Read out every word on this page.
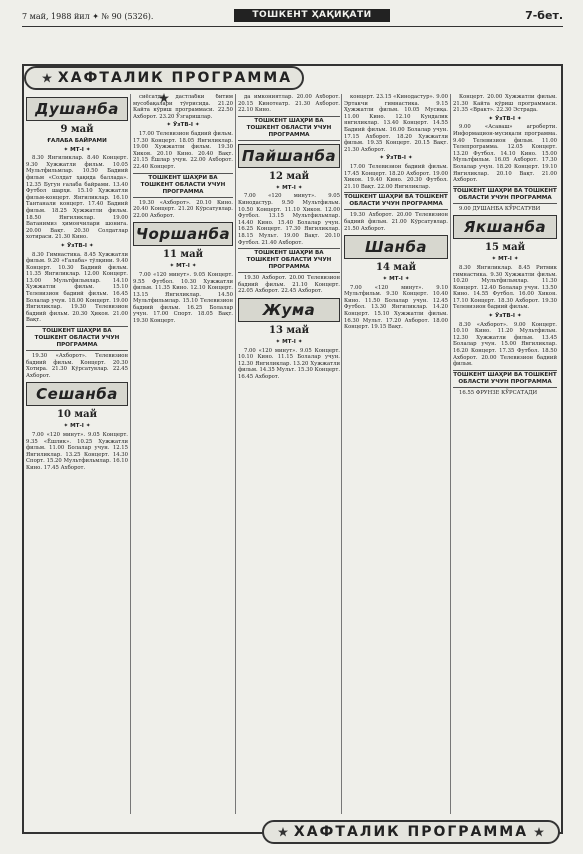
7 май, 1988 йил ✦ № 90 (5326).	ТОШКЕНТ ҲАҚИҚАТИ	7-бет.
ХАФТАЛИК ПРОГРАММА
Душанба
9 май
ҒАЛАБА БАЙРАМИ
✦ МТ-I ✦

8.30 Янгиликлар. 8.40 Концерт. 9.30 Хужжатли фильм. 10.05 Мультфильмлар. 10.50 Бадиий фильм «Солдат ҳақида баллада». 12.35 Бугун ғалаба байрами. 13.40 Футбол шарҳи. 15.10 Ҳужжатли фильм-концерт. Янгиликлар. 16.10 Тантанали концерт. 17.40 Бадиий фильм. 18.25 Хужжатли фильм. 18.50 Янгиликлар. 19.00 Ватанимиз ҳимоячилари шонига. 20.00 Вақт. 20.30 Солдатлар хотираси. 21.30 Кино.

✦ ЎзТВ-I ✦

8.30 Гимнастика. 8.45 Хужжатли фильм. 9.20 «Ғалаба» тўлқини. 9.40 Концерт. 10.30 Бадиий фильм. 11.35 Янгиликлар. 12.00 Концерт. 13.00 Мультфильмлар. 14.10 Хужжатли фильм. 15.10 Телевизион бадиий фильм. 16.45 Болалар учун. 18.00 Концерт. 19.00 Янгиликлар. 19.30 Телевизион бадиий фильм. 20.30 Ҳикоя. 21.00 Вақт.

ТОШКЕНТ ШАҲРИ ВА ТОШКЕНТ ОБЛАСТИ УЧУН ПРОГРАММА

19.30 «Ахборот». Телевизион бадиий фильм. Концерт. 20.30 Хотира. 21.30 Кўрсатувлар. 22.45 Ахборот.

Сешанба
10 май
✦ МТ-I ✦

7.00 «120 минут». 9.05 Концерт. 9.35 «Ёшлик». 10.25 Хужжатли фильм. 11.00 Болалар учун. 12.15 Янгиликлар. 13.25 Концерт. 14.30 Спорт. 15.20 Мультфильмлар. 16.10 Кино. 17.45 Ахборот.

сиёсатда дастлабки битим мусобақалари тўғрисида. 21.20 Кайта кўриш программаси. 22.50 Ахборот. 23.20 Ўзгаришлар.

✦ ЎзТВ-I ✦

17.00 Телевизион бадиий фильм. 17.30 Концерт. 18.05 Янгиликлар. 19.00 Хужжатли фильм. 19.30 Хикоя. 20.10 Кино. 20.40 Вақт. 21.15 Ёшлар учун. 22.00 Ахборот. 22.40 Концерт.

ТОШКЕНТ ШАҲРИ ВА ТОШКЕНТ ОБЛАСТИ УЧУН ПРОГРАММА

19.30 «Ахборот». 20.10 Кино. 20.40 Концерт. 21.20 Кўрсатувлар. 22.00 Ахборот.

Чоршанба
11 май
✦ МТ-I ✦

7.00 «120 минут». 9.05 Концерт. 9.55 Футбол. 10.30 Хужжатли фильм. 11.35 Кино. 12.10 Концерт. 13.15 Янгиликлар. 14.50 Мультфильмлар. 15.10 Телевизион бадиий фильм. 16.25 Болалар учун. 17.00 Спорт. 18.05 Вақт. 19.30 Концерт.

да имкониятлар. 20.00 Ахборот. 20.15 Кинотеатр. 21.30 Ахборот. 22.10 Кино.

ТОШКЕНТ ШАҲРИ ВА ТОШКЕНТ ОБЛАСТИ УЧУН ПРОГРАММА
Пайшанба
12 май
✦ МТ-I ✦

7.00 «120 минут». 9.05 Кинодастур. 9.50 Мультфильм. 10.50 Концерт. 11.10 Хикоя. 12.00 Футбол. 13.15 Мультфильмлар. 14.40 Кино. 15.40 Болалар учун. 16.25 Концерт. 17.30 Янгиликлар. 18.15 Мульт. 19.00 Вақт. 20.10 Футбол. 21.40 Ахборот.

ТОШКЕНТ ШАҲРИ ВА ТОШКЕНТ ОБЛАСТИ УЧУН ПРОГРАММА

19.30 Ахборот. 20.00 Телевизион бадиий фильм. 21.10 Концерт. 22.05 Ахборот. 22.45 Ахборот.

Жума
13 май
✦ МТ-I ✦

7.00 «120 минут». 9.05 Концерт. 10.10 Кино. 11.15 Болалар учун. 12.30 Янгиликлар. 13.20 Хужжатли фильм. 14.35 Мульт. 15.30 Концерт. 16.45 Ахборот.

концерт. 23.15 «Кинодастур». 9.00 Эртакчи гимнастика. 9.15 Ҳужжатли фильм. 10.05 Мусиқа. 11.00 Кино. 12.10 Кундалик янгиликлар. 13.40 Концерт. 14.55 Бадиий фильм. 16.00 Болалар учун. 17.15 Ахборот. 18.20 Хужжатли фильм. 19.35 Концерт. 20.15 Вақт. 21.30 Ахборот.

✦ ЎзТВ-I ✦

17.00 Телевизион бадиий фильм. 17.45 Концерт. 18.20 Ахборот. 19.00 Хикоя. 19.40 Кино. 20.30 Футбол. 21.10 Вақт. 22.00 Янгиликлар.

ТОШКЕНТ ШАҲРИ ВА ТОШКЕНТ ОБЛАСТИ УЧУН ПРОГРАММА

19.30 Ахборот. 20.00 Телевизион бадиий фильм. 21.00 Кўрсатувлар. 21.50 Ахборот.

Шанба
14 май
✦ МТ-I ✦

7.00 «120 минут». 9.10 Мультфильм. 9.30 Концерт. 10.40 Кино. 11.50 Болалар учун. 12.45 Футбол. 13.30 Янгиликлар. 14.20 Концерт. 15.10 Хужжатли фильм. 16.30 Мульт. 17.20 Ахборот. 18.00 Концерт. 19.15 Вақт.

Концерт. 20.00 Хужжатли фильм. 21.30 Кайта кўриш программаси. 21.35 «Вракт». 22.30 Эстрада.

✦ ЎзТВ-I ✦

9.00 «Асаваш» агроберти. Информацион-мусиқали программа. 9.40 Телевизион фильм. 11.00 Телепрограмма. 12.05 Концерт. 13.20 Футбол. 14.10 Кино. 15.00 Мультфильм. 16.05 Ахборот. 17.30 Болалар учун. 18.20 Концерт. 19.10 Янгиликлар. 20.10 Вақт. 21.00 Ахборот.

ТОШКЕНТ ШАҲРИ ВА ТОШКЕНТ ОБЛАСТИ УЧУН ПРОГРАММА

9.00 ДУШАНБА КЎРСАТУВИ

Якшанба
15 май
✦ МТ-I ✦

8.30 Янгиликлар. 8.45 Ритмик гимнастика. 9.30 Хужжатли фильм. 10.20 Мультфильмлар. 11.30 Концерт. 12.40 Болалар учун. 13.50 Кино. 14.55 Футбол. 16.00 Хикоя. 17.10 Концерт. 18.30 Ахборот. 19.30 Телевизион бадиий фильм.

✦ ЎзТВ-I ✦

8.30 «Ахборот». 9.00 Концерт. 10.10 Кино. 11.20 Мультфильм. 12.30 Хужжатли фильм. 13.45 Болалар учун. 15.00 Янгиликлар. 16.20 Концерт. 17.35 Футбол. 18.50 Ахборот. 20.00 Телевизион бадиий фильм.

ТОШКЕНТ ШАҲРИ ВА ТОШКЕНТ ОБЛАСТИ УЧУН ПРОГРАММА

16.55 ФРУНЗЕ КЎРСАТАДИ

ХАФТАЛИК ПРОГРАММА
